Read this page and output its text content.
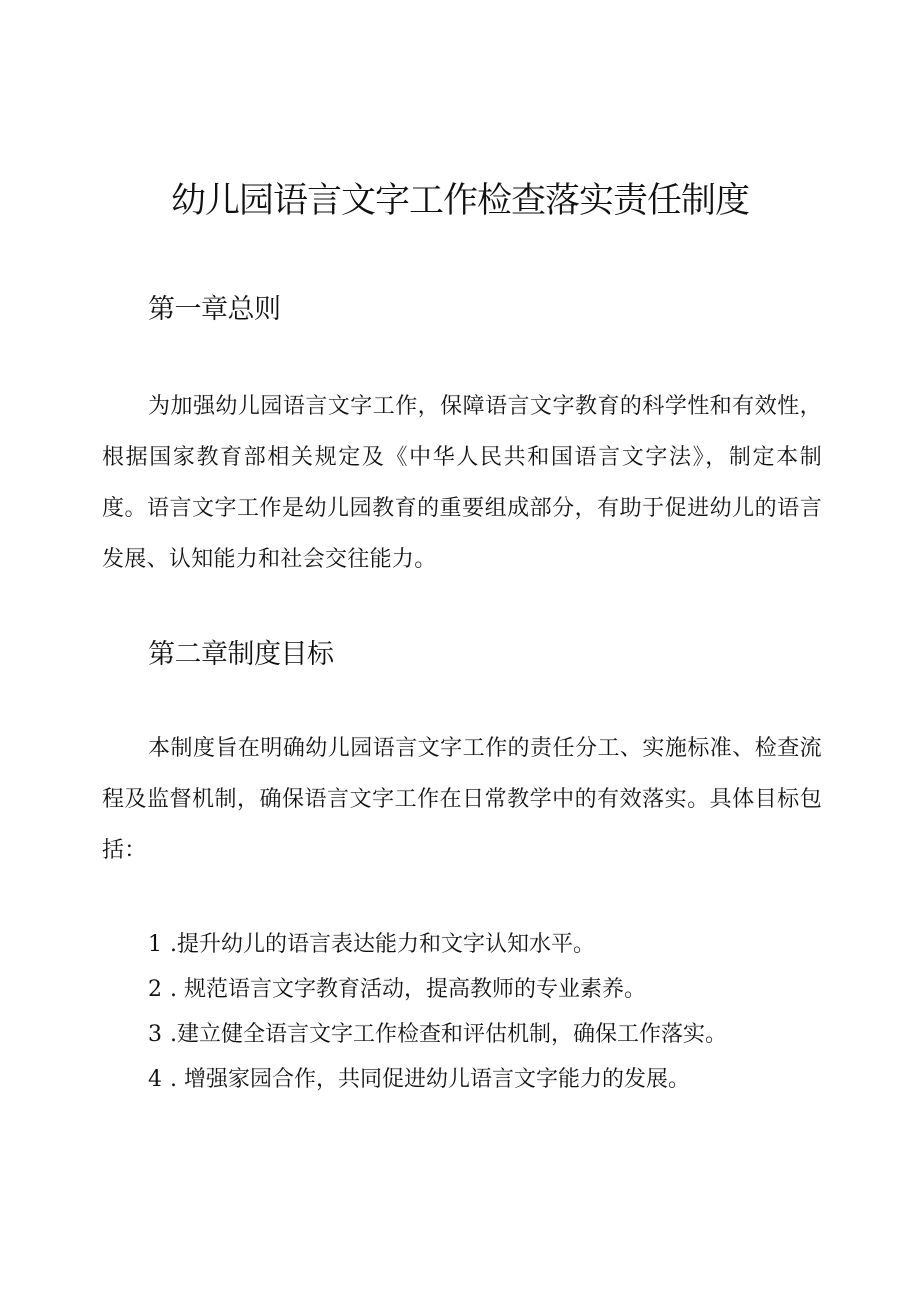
幼儿园语言文字工作检查落实责任制度
第一章总则

为加强幼儿园语言文字工作，保障语言文字教育的科学性和有效性，根据国家教育部相关规定及《中华人民共和国语言文字法》，制定本制度。语言文字工作是幼儿园教育的重要组成部分，有助于促进幼儿的语言发展、认知能力和社会交往能力。

第二章制度目标

本制度旨在明确幼儿园语言文字工作的责任分工、实施标准、检查流程及监督机制，确保语言文字工作在日常教学中的有效落实。具体目标包括：

1 .提升幼儿的语言表达能力和文字认知水平。
2 . 规范语言文字教育活动，提高教师的专业素养。
3 .建立健全语言文字工作检查和评估机制，确保工作落实。
4 . 增强家园合作，共同促进幼儿语言文字能力的发展。
